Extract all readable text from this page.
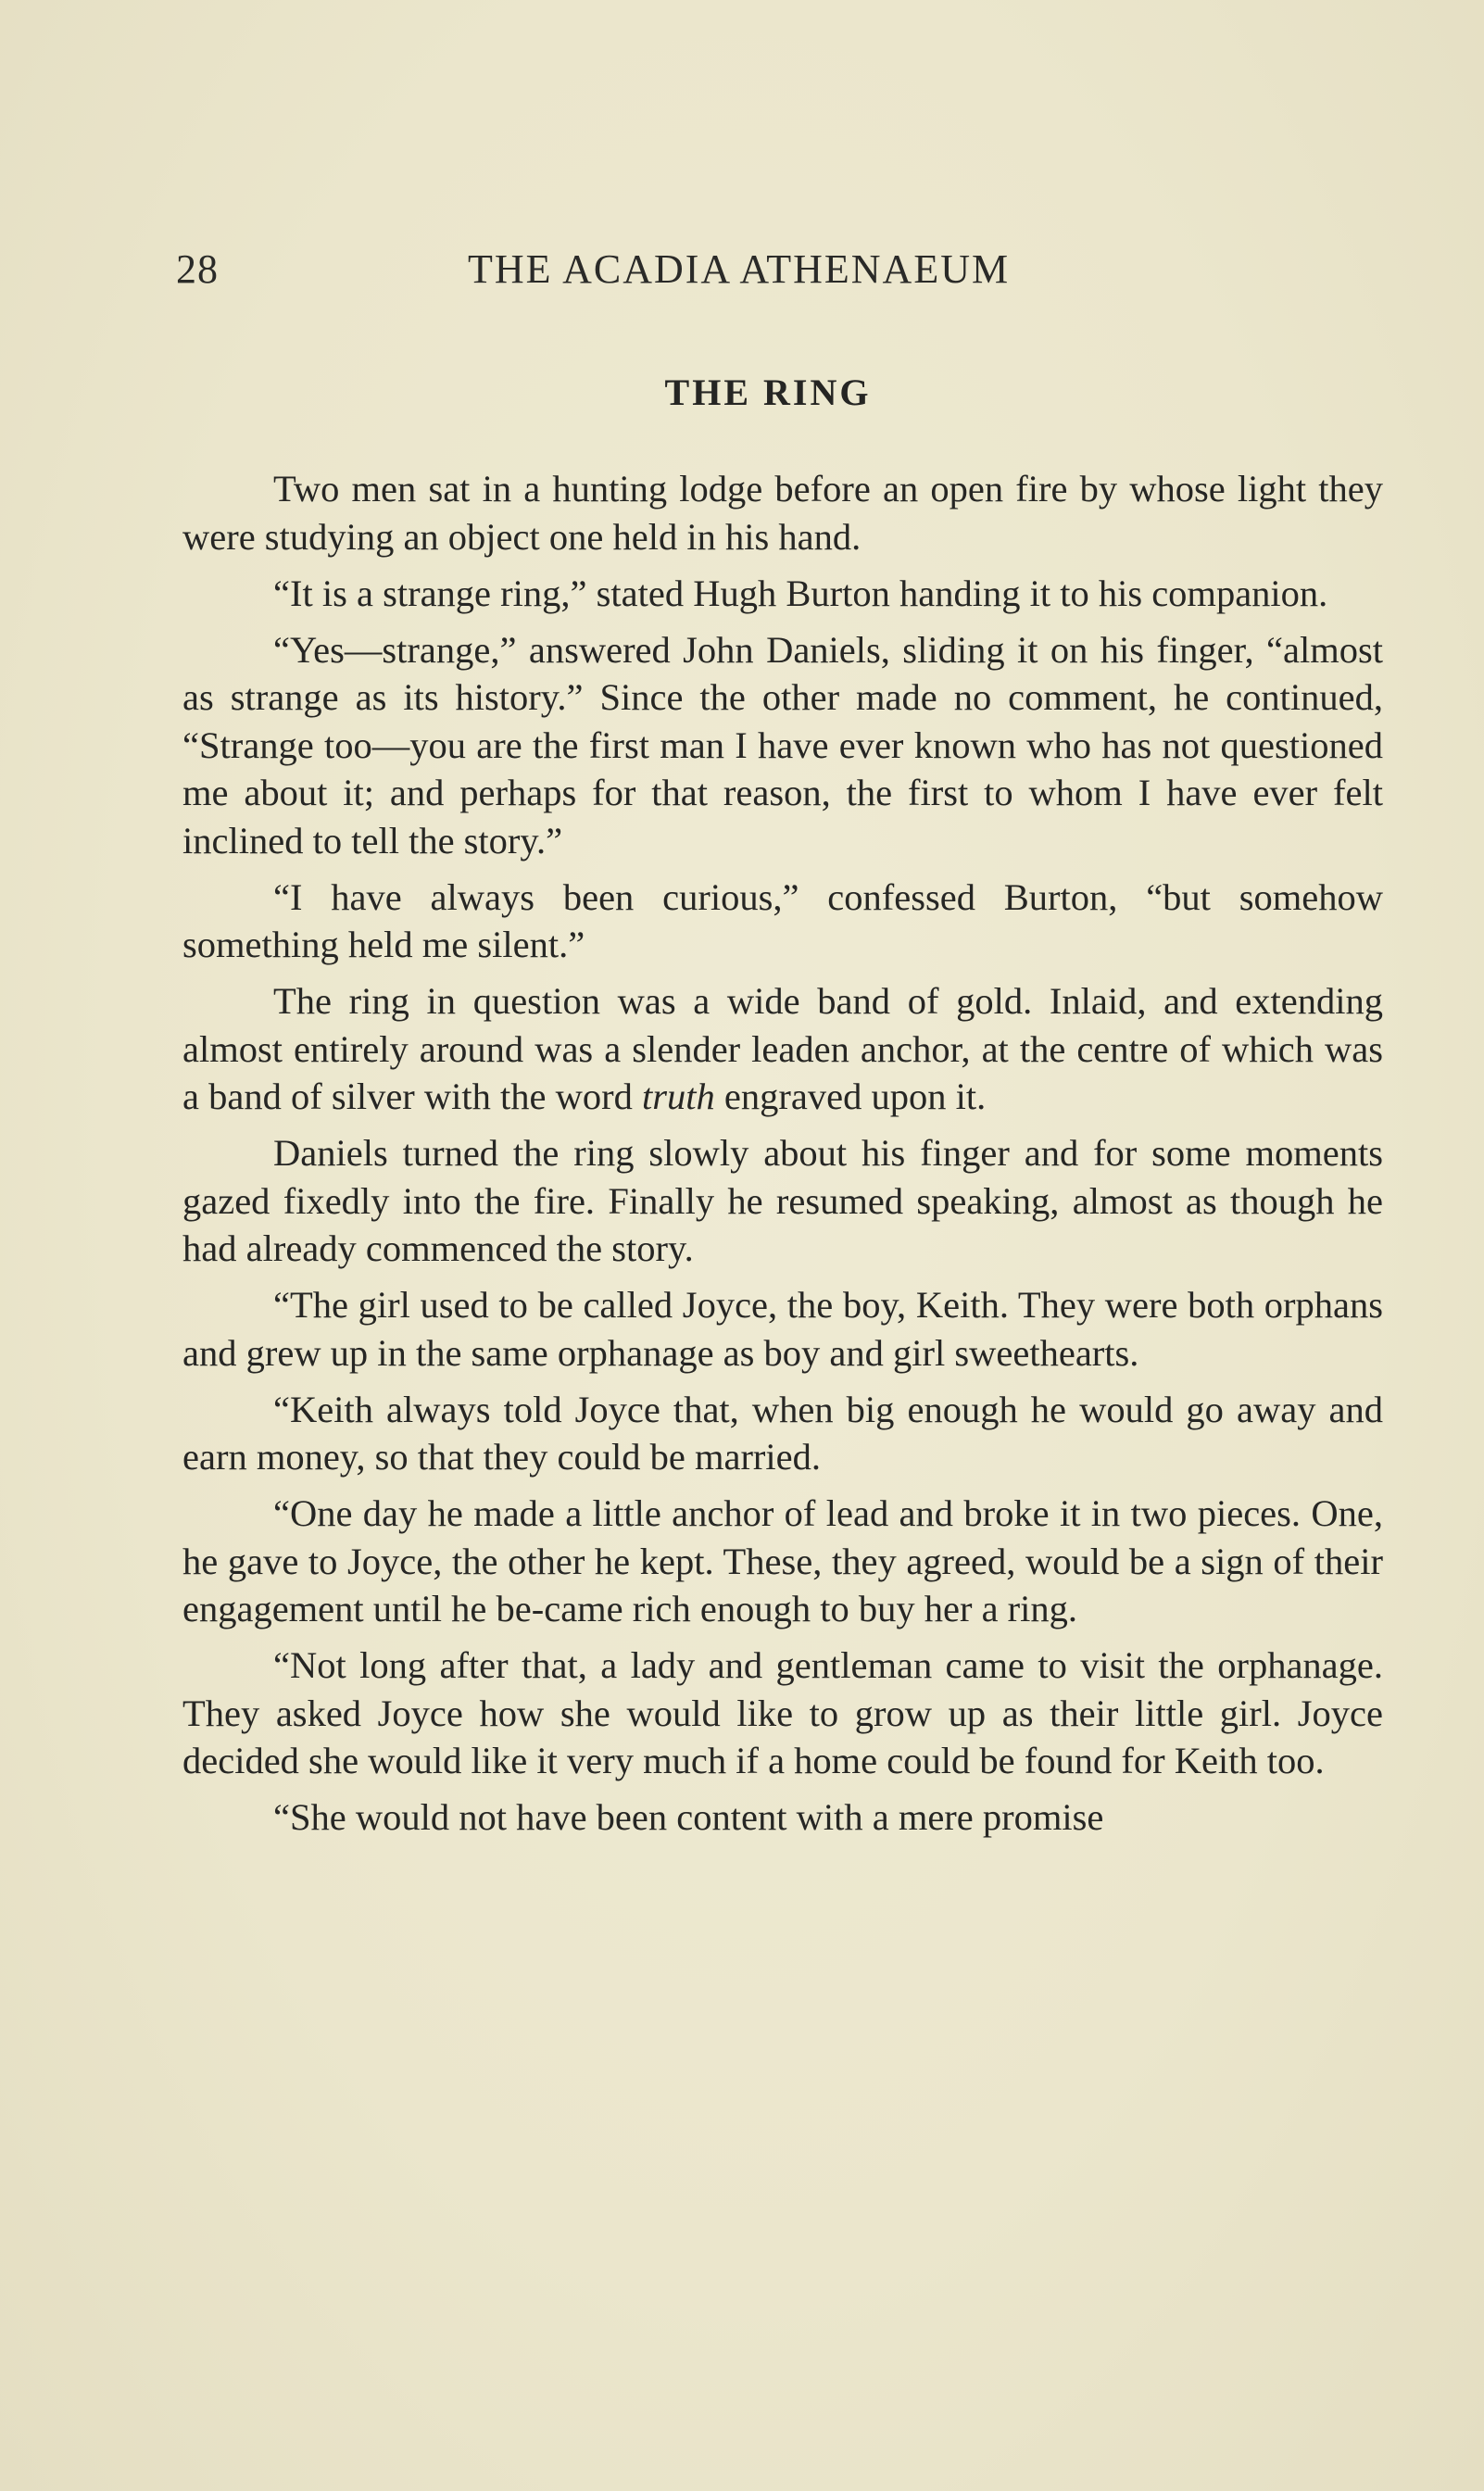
28	THE ACADIA ATHENAEUM
THE RING

Two men sat in a hunting lodge before an open fire by whose light they were studying an object one held in his hand.

“It is a strange ring,” stated Hugh Burton handing it to his companion.

“Yes—strange,” answered John Daniels, sliding it on his finger, “almost as strange as its history.” Since the other made no comment, he continued, “Strange too—you are the first man I have ever known who has not questioned me about it; and perhaps for that reason, the first to whom I have ever felt inclined to tell the story.”

“I have always been curious,” confessed Burton, “but somehow something held me silent.”

The ring in question was a wide band of gold. Inlaid, and extending almost entirely around was a slender leaden anchor, at the centre of which was a band of silver with the word truth engraved upon it.

Daniels turned the ring slowly about his finger and for some moments gazed fixedly into the fire. Finally he resumed speaking, almost as though he had already commenced the story.

“The girl used to be called Joyce, the boy, Keith. They were both orphans and grew up in the same orphanage as boy and girl sweethearts.

“Keith always told Joyce that, when big enough he would go away and earn money, so that they could be married.

“One day he made a little anchor of lead and broke it in two pieces. One, he gave to Joyce, the other he kept. These, they agreed, would be a sign of their engagement until he be-came rich enough to buy her a ring.

“Not long after that, a lady and gentleman came to visit the orphanage. They asked Joyce how she would like to grow up as their little girl. Joyce decided she would like it very much if a home could be found for Keith too.

“She would not have been content with a mere promise
